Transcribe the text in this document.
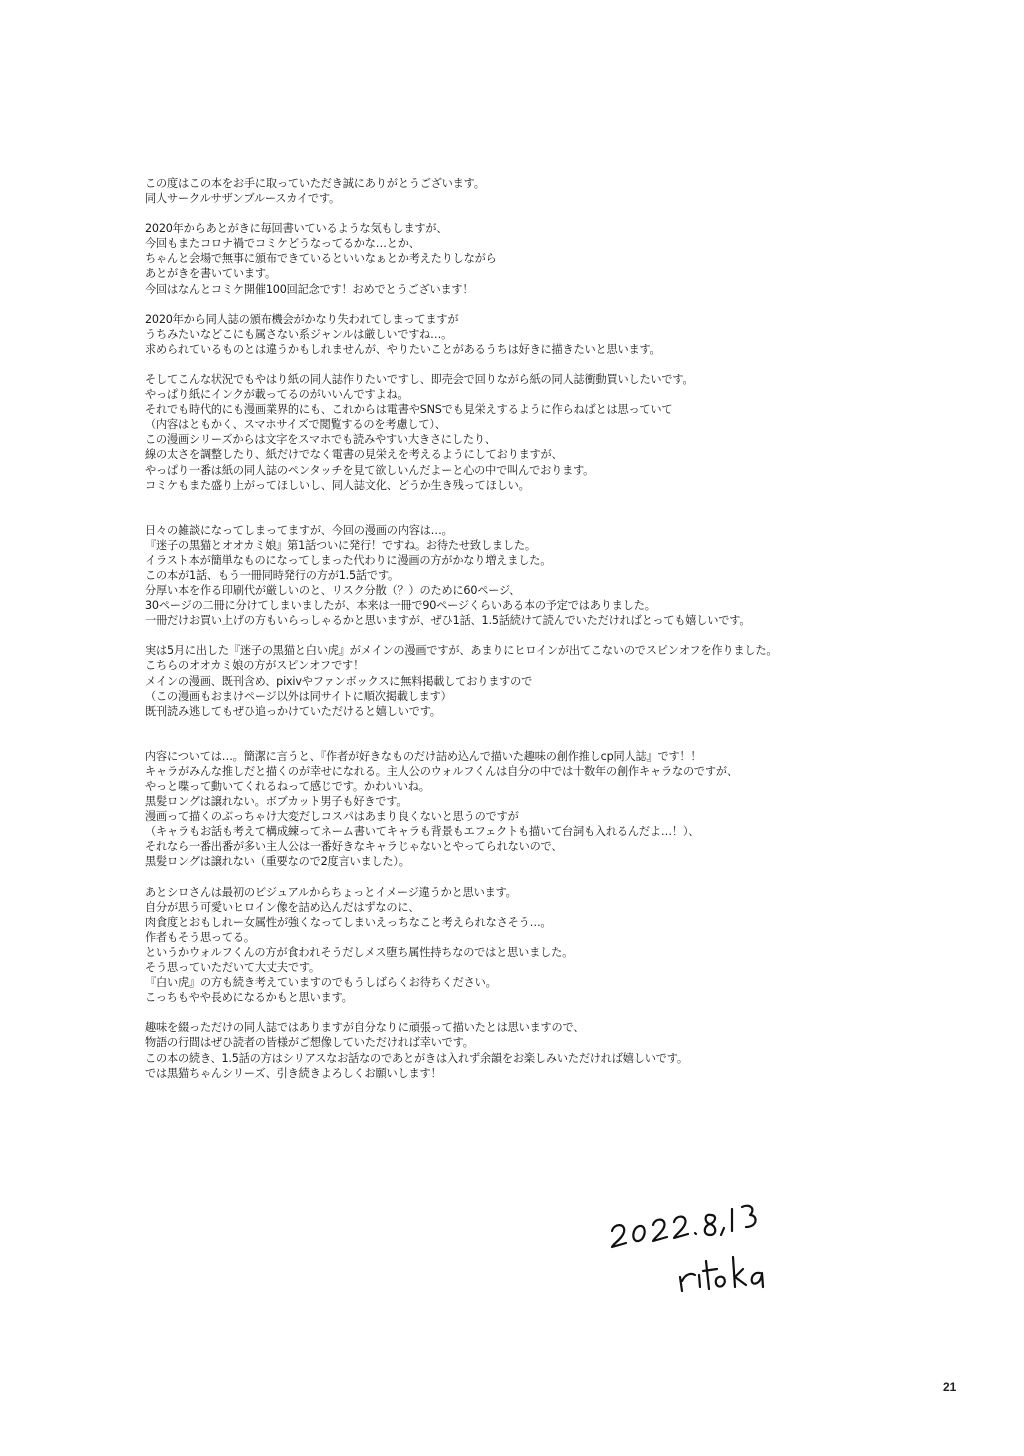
この度はこの本をお手に取っていただき誠にありがとうございます。
同人サークルサザンブルースカイです。
2020年からあとがきに毎回書いているような気もしますが、
今回もまたコロナ禍でコミケどうなってるかな…とか、
ちゃんと会場で無事に頒布できているといいなぁとか考えたりしながら
あとがきを書いています。
今回はなんとコミケ開催100回記念です！おめでとうございます！
2020年から同人誌の頒布機会がかなり失われてしまってますが
うちみたいなどこにも属さない系ジャンルは厳しいですね…。
求められているものとは違うかもしれませんが、やりたいことがあるうちは好きに描きたいと思います。
そしてこんな状況でもやはり紙の同人誌作りたいですし、即売会で回りながら紙の同人誌衝動買いしたいです。
やっぱり紙にインクが載ってるのがいいんですよね。
それでも時代的にも漫画業界的にも、これからは電書やSNSでも見栄えするように作らねばとは思っていて
（内容はともかく、スマホサイズで閲覧するのを考慮して）、
この漫画シリーズからは文字をスマホでも読みやすい大きさにしたり、
線の太さを調整したり、紙だけでなく電書の見栄えを考えるようにしておりますが、
やっぱり一番は紙の同人誌のペンタッチを見て欲しいんだよーと心の中で叫んでおります。
コミケもまた盛り上がってほしいし、同人誌文化、どうか生き残ってほしい。
日々の雑談になってしまってますが、今回の漫画の内容は…。
『迷子の黒猫とオオカミ娘』第1話ついに発行！ですね。お待たせ致しました。
イラスト本が簡単なものになってしまった代わりに漫画の方がかなり増えました。
この本が1話、もう一冊同時発行の方が1.5話です。
分厚い本を作る印刷代が厳しいのと、リスク分散（？）のために60ページ、
30ページの二冊に分けてしまいましたが、本来は一冊で90ページくらいある本の予定ではありました。
一冊だけお買い上げの方もいらっしゃるかと思いますが、ぜひ1話、1.5話続けて読んでいただければとっても嬉しいです。
実は5月に出した『迷子の黒猫と白い虎』がメインの漫画ですが、あまりにヒロインが出てこないのでスピンオフを作りました。
こちらのオオカミ娘の方がスピンオフです！
メインの漫画、既刊含め、pixivやファンボックスに無料掲載しておりますので
（この漫画もおまけページ以外は同サイトに順次掲載します）
既刊読み逃してもぜひ追っかけていただけると嬉しいです。
内容については…。簡潔に言うと、『作者が好きなものだけ詰め込んで描いた趣味の創作推しcp同人誌』です！！
キャラがみんな推しだと描くのが幸せになれる。主人公のウォルフくんは自分の中では十数年の創作キャラなのですが、
やっと喋って動いてくれるねって感じです。かわいいね。
黒髪ロングは譲れない。ボブカット男子も好きです。
漫画って描くのぶっちゃけ大変だしコスパはあまり良くないと思うのですが
（キャラもお話も考えて構成練ってネーム書いてキャラも背景もエフェクトも描いて台詞も入れるんだよ…！）、
それなら一番出番が多い主人公は一番好きなキャラじゃないとやってられないので、
黒髪ロングは譲れない（重要なので2度言いました）。
あとシロさんは最初のビジュアルからちょっとイメージ違うかと思います。
自分が思う可愛いヒロイン像を詰め込んだはずなのに、
肉食度とおもしれー女属性が強くなってしまいえっちなこと考えられなさそう…。
作者もそう思ってる。
というかウォルフくんの方が食われそうだしメス堕ち属性持ちなのではと思いました。
そう思っていただいて大丈夫です。
『白い虎』の方も続き考えていますのでもうしばらくお待ちください。
こっちもやや長めになるかもと思います。
趣味を綴っただけの同人誌ではありますが自分なりに頑張って描いたとは思いますので、
物語の行間はぜひ読者の皆様がご想像していただければ幸いです。
この本の続き、1.5話の方はシリアスなお話なのであとがきは入れず余韻をお楽しみいただければ嬉しいです。
では黒猫ちゃんシリーズ、引き続きよろしくお願いします！
21
